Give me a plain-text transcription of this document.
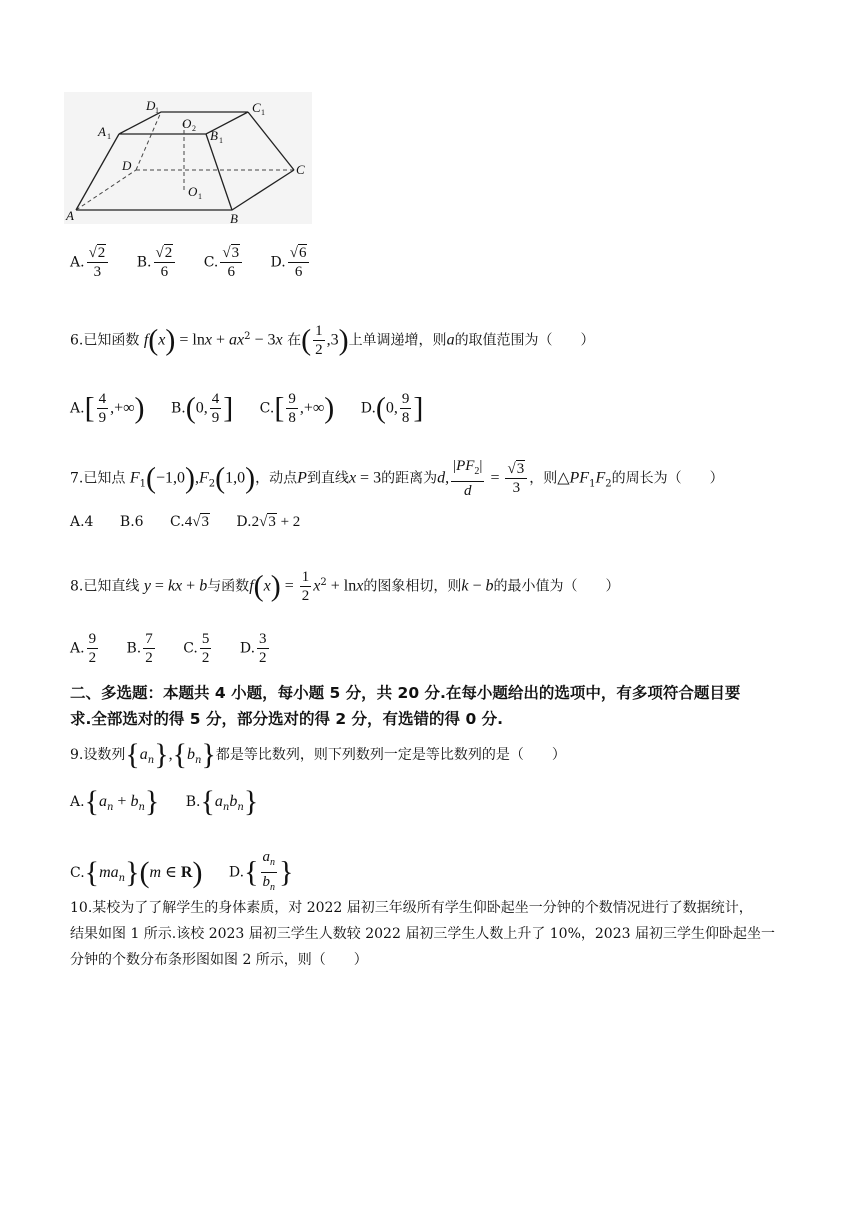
A	B
C
D
A	B
C
D
O
O
1	1
1
1
1
2
A. $\frac{√2}{3} B$. $\frac{√2}{6} C$. $\frac{√3}{6} D$. $\frac{√6}{6}$
6.已知函数 $f(x) = \ln x + ax^2 - 3x$ 在( $\frac{1}{2} ,3$)上单调递增，则a的取值范围为（　　）
$A.[ \frac{4}{9}$ ,+∞) B.(0, $\frac{4}{9}$ ] $C.[ \frac{9}{8}$ ,+∞) D.(0, $\frac{9}{8}$ ]
7.已知点 $F_1(-1,0),F_2(1,0)$，动点P到直线x = 3的距离为d, $\frac{|PF_2|}{d} = \frac{√3}{3}$ ，则$\triangle PF_1F_2$的周长为（　　）
A.4 B.6 C.4√3 D.2√3 + 2
8.已知直线 y = kx + b与函数$f(x) = \frac{1}{2} x^2 + \ln x$的图象相切，则k − b的最小值为（　　）
A. $\frac{9}{2} B$. $\frac{7}{2} C$. $\frac{5}{2} D$. $\frac{3}{2}$
二、多选题：本题共 4 小题，每小题 5 分，共 20 分.在每小题给出的选项中，有多项符合题目要
求.全部选对的得 5 分，部分选对的得 2 分，有选错的得 0 分.
9.设数列$\{a_n\},\{b_n\}$都是等比数列，则下列数列一定是等比数列的是（　　）
$A.\{a_n + b_n\}$ $B.\{a_nb_n\}$
$C.\{ma_n\}(m$ ∈ R) $D.\{ \frac{a_n}{b_n}$ }
10.某校为了了解学生的身体素质，对 2022 届初三年级所有学生仰卧起坐一分钟的个数情况进行了数据统计，
结果如图 1 所示.该校 2023 届初三学生人数较 2022 届初三学生人数上升了 10%，2023 届初三学生仰卧起坐一
分钟的个数分布条形图如图 2 所示，则（　　）
